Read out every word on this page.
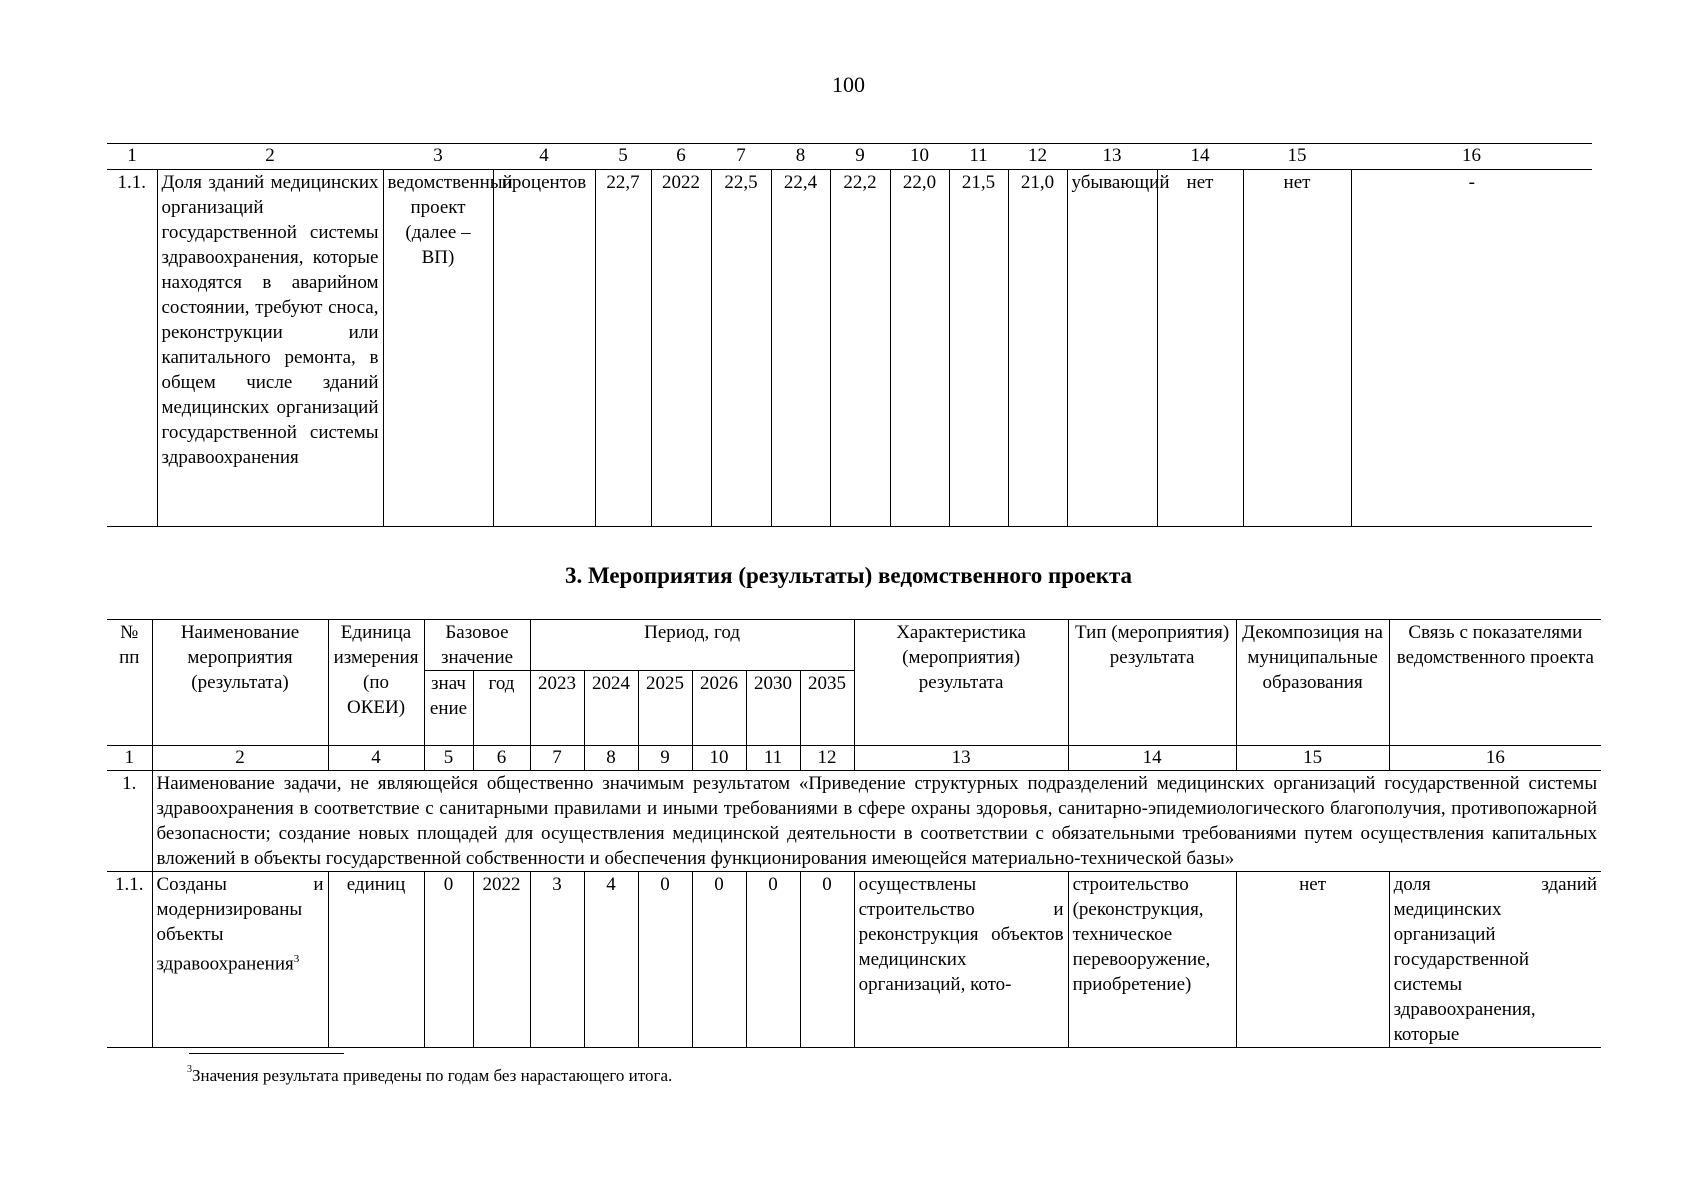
100
1	2	3	4	5	6	7	8	9	10	11	12	13	14	15	16
1.1.	Доля зданий медицинских организаций государственной системы здравоохранения, которые находятся в аварийном состоянии, требуют сноса, реконструкции или капитального ремонта, в общем числе зданий медицинских организаций государственной системы здравоохранения	ведомственный проект (далее – ВП)	процентов	22,7	2022	22,5	22,4	22,2	22,0	21,5	21,0	убывающий	нет	нет	-
3. Мероприятия (результаты) ведомственного проекта
№ пп	Наименование мероприятия (результата)	Единица измерения (по ОКЕИ)	Базовое значение		Период, год						Характеристика (мероприятия) результата	Тип (мероприятия) результата	Декомпозиция на муниципальные образования	Связь с показателями ведомственного проекта
			значение	год	2023	2024	2025	2026	2030	2035				
1	2	4	5	6	7	8	9	10	11	12	13	14	15	16
1.	Наименование задачи, не являющейся общественно значимым результатом «Приведение структурных подразделений медицинских организаций государственной системы здравоохранения в соответствие с санитарными правилами и иными требованиями в сфере охраны здоровья, санитарно-эпидемиологического благополучия, противопожарной безопасности; создание новых площадей для осуществления медицинской деятельности в соответствии с обязательными требованиями путем осуществления капитальных вложений в объекты государственной собственности и обеспечения функционирования имеющейся материально-технической базы»													
1.1.	Созданы и модернизированы объекты здравоохранения$^3$	единиц	0	2022	3	4	0	0	0	0	осуществлены строительство и реконструкция объектов медицинских организаций, кото-	строительство (реконструкция, техническое перевооружение, приобретение)	нет	доля зданий медицинских организаций государственной системы здравоохранения, которые
$^3$Значения результата приведены по годам без нарастающего итога.
